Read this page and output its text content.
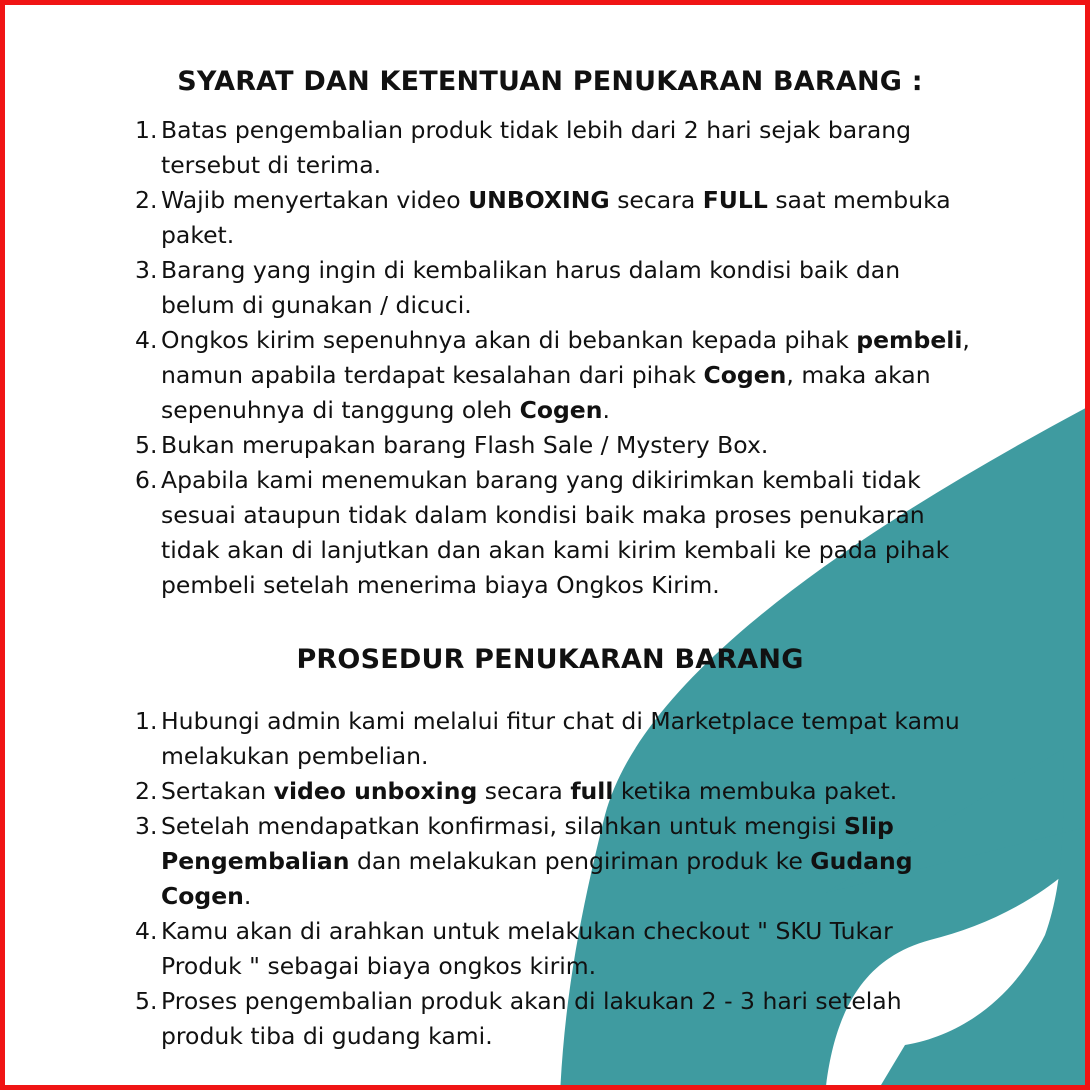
SYARAT DAN KETENTUAN PENUKARAN BARANG :
1. Batas pengembalian produk tidak lebih dari 2 hari sejak barang tersebut di terima.
2. Wajib menyertakan video UNBOXING secara FULL saat membuka paket.
3. Barang yang ingin di kembalikan harus dalam kondisi baik dan belum di gunakan / dicuci.
4. Ongkos kirim sepenuhnya akan di bebankan kepada pihak pembeli, namun apabila terdapat kesalahan dari pihak Cogen, maka akan sepenuhnya di tanggung oleh Cogen.
5. Bukan merupakan barang Flash Sale / Mystery Box.
6. Apabila kami menemukan barang yang dikirimkan kembali tidak sesuai ataupun tidak dalam kondisi baik maka proses penukaran tidak akan di lanjutkan dan akan kami kirim kembali ke pada pihak pembeli setelah menerima biaya Ongkos Kirim.
PROSEDUR PENUKARAN BARANG
1. Hubungi admin kami melalui fitur chat di Marketplace tempat kamu melakukan pembelian.
2. Sertakan video unboxing secara full ketika membuka paket.
3. Setelah mendapatkan konfirmasi, silahkan untuk mengisi Slip Pengembalian dan melakukan pengiriman produk ke Gudang Cogen.
4. Kamu akan di arahkan untuk melakukan checkout " SKU Tukar Produk " sebagai biaya ongkos kirim.
5. Proses pengembalian produk akan di lakukan 2 - 3 hari setelah produk tiba di gudang kami.
